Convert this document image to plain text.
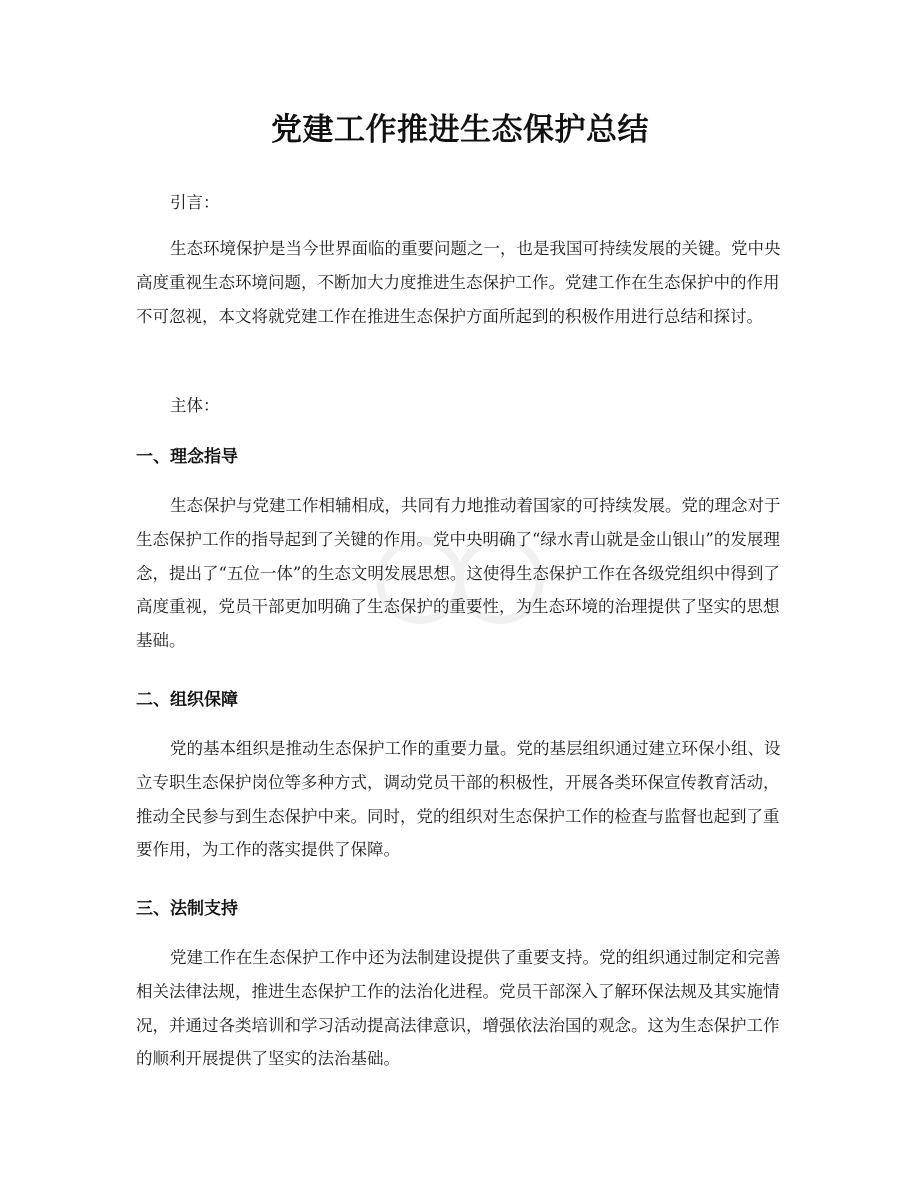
党建工作推进生态保护总结

引言：

生态环境保护是当今世界面临的重要问题之一，也是我国可持续发展的关键。党中央高度重视生态环境问题，不断加大力度推进生态保护工作。党建工作在生态保护中的作用不可忽视，本文将就党建工作在推进生态保护方面所起到的积极作用进行总结和探讨。

主体：

一、理念指导

生态保护与党建工作相辅相成，共同有力地推动着国家的可持续发展。党的理念对于生态保护工作的指导起到了关键的作用。党中央明确了“绿水青山就是金山银山”的发展理念，提出了“五位一体”的生态文明发展思想。这使得生态保护工作在各级党组织中得到了高度重视，党员干部更加明确了生态保护的重要性，为生态环境的治理提供了坚实的思想基础。

二、组织保障

党的基本组织是推动生态保护工作的重要力量。党的基层组织通过建立环保小组、设立专职生态保护岗位等多种方式，调动党员干部的积极性，开展各类环保宣传教育活动，推动全民参与到生态保护中来。同时，党的组织对生态保护工作的检查与监督也起到了重要作用，为工作的落实提供了保障。

三、法制支持

党建工作在生态保护工作中还为法制建设提供了重要支持。党的组织通过制定和完善相关法律法规，推进生态保护工作的法治化进程。党员干部深入了解环保法规及其实施情况，并通过各类培训和学习活动提高法律意识，增强依法治国的观念。这为生态保护工作的顺利开展提供了坚实的法治基础。
